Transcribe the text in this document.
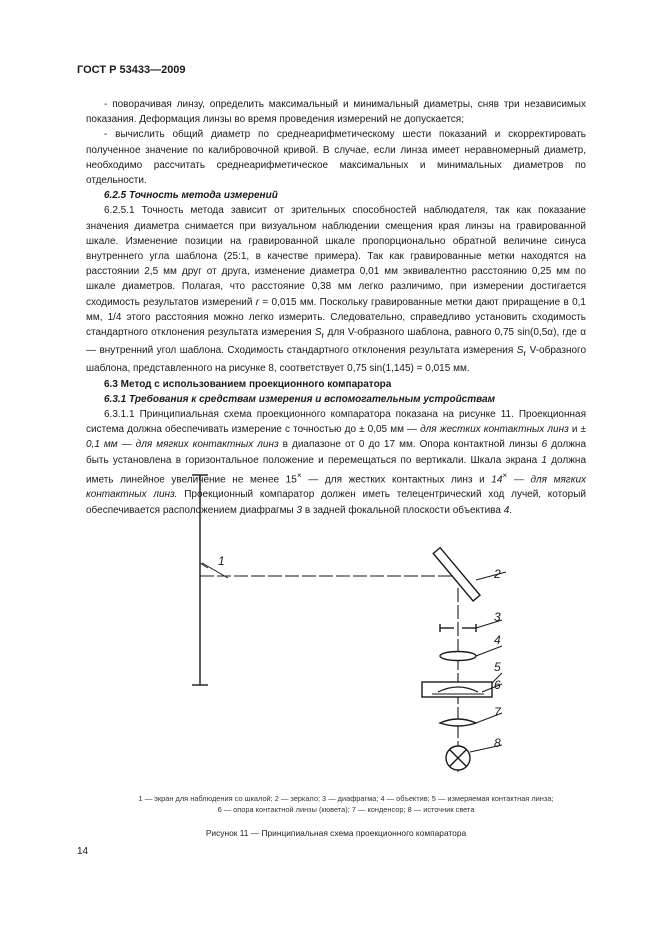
ГОСТ Р 53433—2009

- поворачивая линзу, определить максимальный и минимальный диаметры, сняв три независимых показания. Деформация линзы во время проведения измерений не допускается;

- вычислить общий диаметр по среднеарифметическому шести показаний и скорректировать полученное значение по калибровочной кривой. В случае, если линза имеет неравномерный диаметр, необходимо рассчитать среднеарифметическое максимальных и минимальных диаметров по отдельности.

6.2.5 Точность метода измерений

6.2.5.1 Точность метода зависит от зрительных способностей наблюдателя, так как показание значения диаметра снимается при визуальном наблюдении смещения края линзы на гравированной шкале. Изменение позиции на гравированной шкале пропорционально обратной величине синуса внутреннего угла шаблона (25:1, в качестве примера). Так как гравированные метки находятся на расстоянии 2,5 мм друг от друга, изменение диаметра 0,01 мм эквивалентно расстоянию 0,25 мм по шкале диаметров. Полагая, что расстояние 0,38 мм легко различимо, при измерении достигается сходимость результатов измерений r = 0,015 мм. Поскольку гравированные метки дают приращение в 0,1 мм, 1/4 этого расстояния можно легко измерить. Следовательно, справедливо установить сходимость стандартного отклонения результата измерения $S_r$ для V-образного шаблона, равного 0,75 sin(0,5α), где α — внутренний угол шаблона. Сходимость стандартного отклонения результата измерения $S_r$ V-образного шаблона, представленного на рисунке 8, соответствует 0,75 sin(1,145) = 0,015 мм.

6.3 Метод с использованием проекционного компаратора

6.3.1 Требования к средствам измерения и вспомогательным устройствам

6.3.1.1 Принципиальная схема проекционного компаратора показана на рисунке 11. Проекционная система должна обеспечивать измерение с точностью до ± 0,05 мм — для жестких контактных линз и ± 0,1 мм — для мягких контактных линз в диапазоне от 0 до 17 мм. Опора контактной линзы 6 должна быть установлена в горизонтальное положение и перемещаться по вертикали. Шкала экрана 1 должна иметь линейное увеличение не менее 15× — для жестких контактных линз и 14× — для мягких контактных линз. Проекционный компаратор должен иметь телецентрический ход лучей, который обеспечивается расположением диафрагмы 3 в задней фокальной плоскости объектива 4.

1
2
3
4
5
6
7
8
1 — экран для наблюдения со шкалой; 2 — зеркало; 3 — диафрагма; 4 — объектив; 5 — измеряемая контактная линза;
6 — опора контактной линзы (кювета); 7 — конденсор; 8 — источник света
Рисунок 11 — Принципиальная схема проекционного компаратора
14
